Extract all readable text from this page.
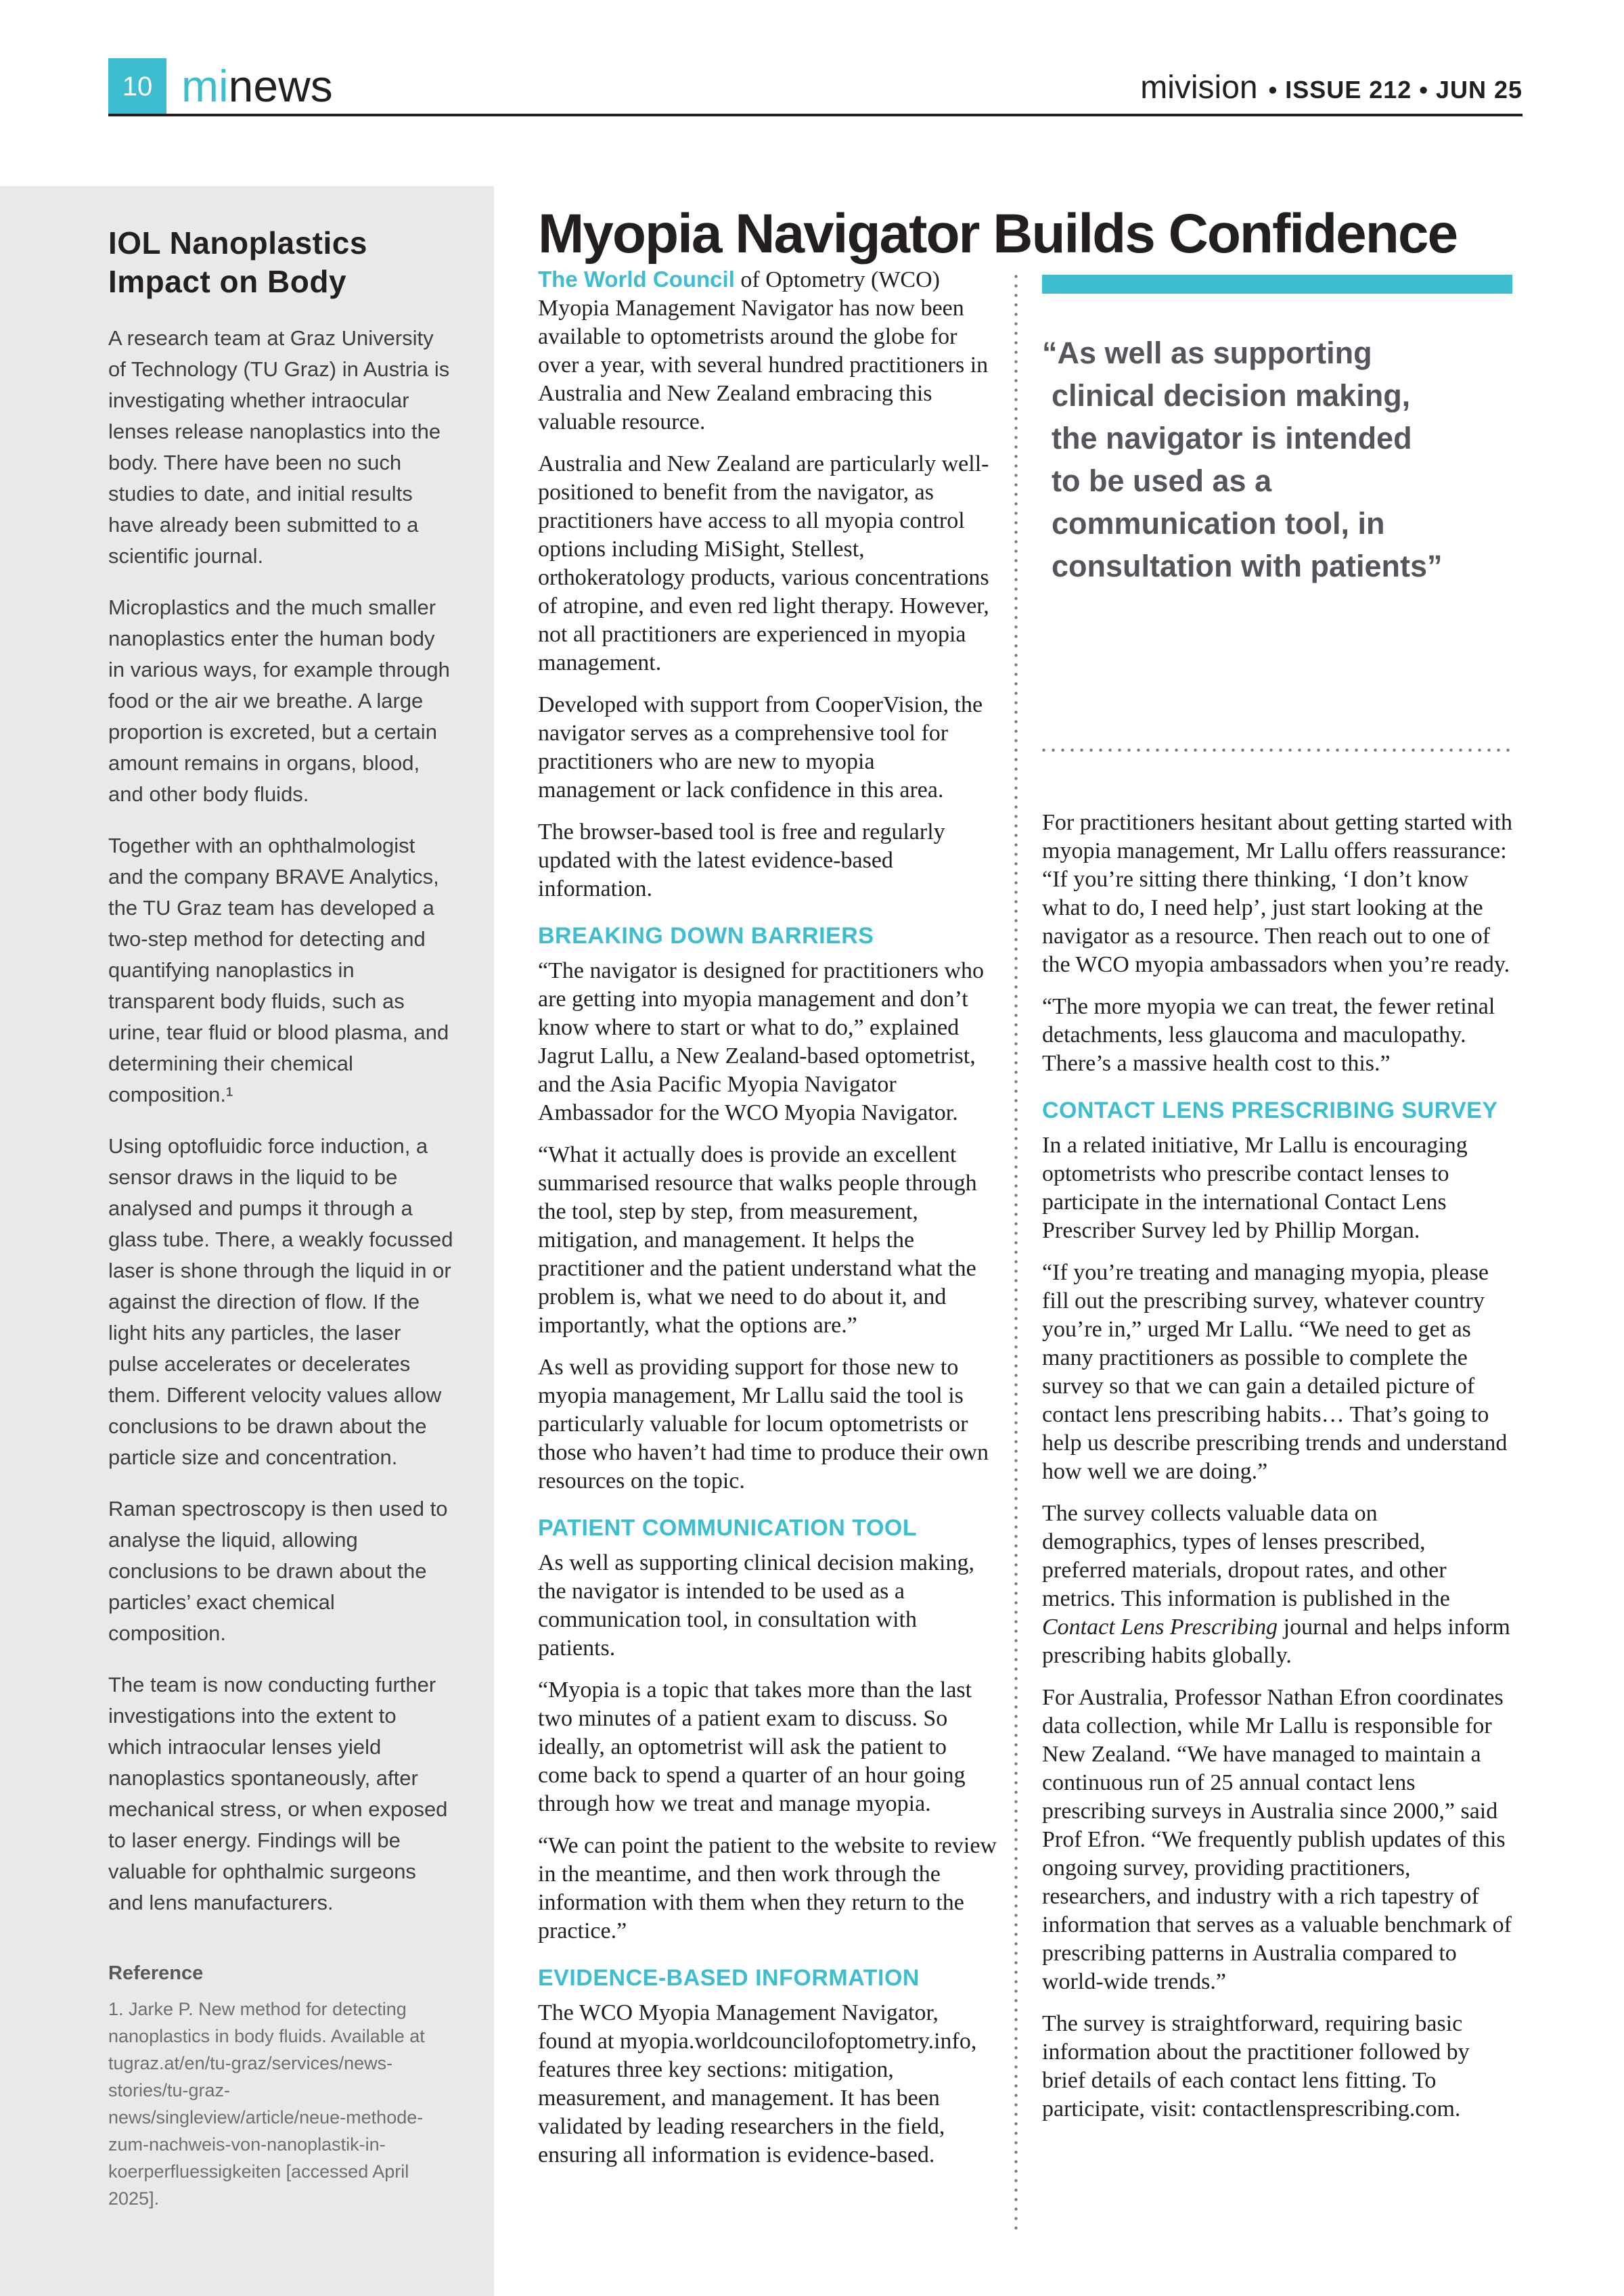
10 minews	mivision • ISSUE 212 • JUN 25
IOL Nanoplastics
Impact on Body

A research team at Graz University of Technology (TU Graz) in Austria is investigating whether intraocular lenses release nanoplastics into the body. There have been no such studies to date, and initial results have already been submitted to a scientific journal.

Microplastics and the much smaller nanoplastics enter the human body in various ways, for example through food or the air we breathe. A large proportion is excreted, but a certain amount remains in organs, blood, and other body fluids.

Together with an ophthalmologist and the company BRAVE Analytics, the TU Graz team has developed a two-step method for detecting and quantifying nanoplastics in transparent body fluids, such as urine, tear fluid or blood plasma, and determining their chemical composition.¹

Using optofluidic force induction, a sensor draws in the liquid to be analysed and pumps it through a glass tube. There, a weakly focussed laser is shone through the liquid in or against the direction of flow. If the light hits any particles, the laser pulse accelerates or decelerates them. Different velocity values allow conclusions to be drawn about the particle size and concentration.

Raman spectroscopy is then used to analyse the liquid, allowing conclusions to be drawn about the particles’ exact chemical composition.

The team is now conducting further investigations into the extent to which intraocular lenses yield nanoplastics spontaneously, after mechanical stress, or when exposed to laser energy. Findings will be valuable for ophthalmic surgeons and lens manufacturers.

Reference
1. Jarke P. New method for detecting nanoplastics in body fluids. Available at tugraz.at/en/tu-graz/services/news-stories/tu-graz-news/singleview/article/neue-methode-zum-nachweis-von-nanoplastik-in-koerperfluessigkeiten [accessed April 2025].
Myopia Navigator Builds Confidence

The World Council of Optometry (WCO) Myopia Management Navigator has now been available to optometrists around the globe for over a year, with several hundred practitioners in Australia and New Zealand embracing this valuable resource.

Australia and New Zealand are particularly well-positioned to benefit from the navigator, as practitioners have access to all myopia control options including MiSight, Stellest, orthokeratology products, various concentrations of atropine, and even red light therapy. However, not all practitioners are experienced in myopia management.

Developed with support from CooperVision, the navigator serves as a comprehensive tool for practitioners who are new to myopia management or lack confidence in this area.

The browser-based tool is free and regularly updated with the latest evidence-based information.

BREAKING DOWN BARRIERS

“The navigator is designed for practitioners who are getting into myopia management and don’t know where to start or what to do,” explained Jagrut Lallu, a New Zealand-based optometrist, and the Asia Pacific Myopia Navigator Ambassador for the WCO Myopia Navigator.

“What it actually does is provide an excellent summarised resource that walks people through the tool, step by step, from measurement, mitigation, and management. It helps the practitioner and the patient understand what the problem is, what we need to do about it, and importantly, what the options are.”

As well as providing support for those new to myopia management, Mr Lallu said the tool is particularly valuable for locum optometrists or those who haven’t had time to produce their own resources on the topic.

PATIENT COMMUNICATION TOOL

As well as supporting clinical decision making, the navigator is intended to be used as a communication tool, in consultation with patients.

“Myopia is a topic that takes more than the last two minutes of a patient exam to discuss. So ideally, an optometrist will ask the patient to come back to spend a quarter of an hour going through how we treat and manage myopia.

“We can point the patient to the website to review in the meantime, and then work through the information with them when they return to the practice.”

EVIDENCE-BASED INFORMATION

The WCO Myopia Management Navigator, found at myopia.worldcouncilofoptometry.info, features three key sections: mitigation, measurement, and management. It has been validated by leading researchers in the field, ensuring all information is evidence-based.

“As well as supporting
clinical decision making,
the navigator is intended
to be used as a
communication tool, in
consultation with patients”

For practitioners hesitant about getting started with myopia management, Mr Lallu offers reassurance: “If you’re sitting there thinking, ‘I don’t know what to do, I need help’, just start looking at the navigator as a resource. Then reach out to one of the WCO myopia ambassadors when you’re ready.

“The more myopia we can treat, the fewer retinal detachments, less glaucoma and maculopathy. There’s a massive health cost to this.”

CONTACT LENS PRESCRIBING SURVEY

In a related initiative, Mr Lallu is encouraging optometrists who prescribe contact lenses to participate in the international Contact Lens Prescriber Survey led by Phillip Morgan.

“If you’re treating and managing myopia, please fill out the prescribing survey, whatever country you’re in,” urged Mr Lallu. “We need to get as many practitioners as possible to complete the survey so that we can gain a detailed picture of contact lens prescribing habits… That’s going to help us describe prescribing trends and understand how well we are doing.”

The survey collects valuable data on demographics, types of lenses prescribed, preferred materials, dropout rates, and other metrics. This information is published in the Contact Lens Prescribing journal and helps inform prescribing habits globally.

For Australia, Professor Nathan Efron coordinates data collection, while Mr Lallu is responsible for New Zealand. “We have managed to maintain a continuous run of 25 annual contact lens prescribing surveys in Australia since 2000,” said Prof Efron. “We frequently publish updates of this ongoing survey, providing practitioners, researchers, and industry with a rich tapestry of information that serves as a valuable benchmark of prescribing patterns in Australia compared to world-wide trends.”

The survey is straightforward, requiring basic information about the practitioner followed by brief details of each contact lens fitting. To participate, visit: contactlensprescribing.com.
